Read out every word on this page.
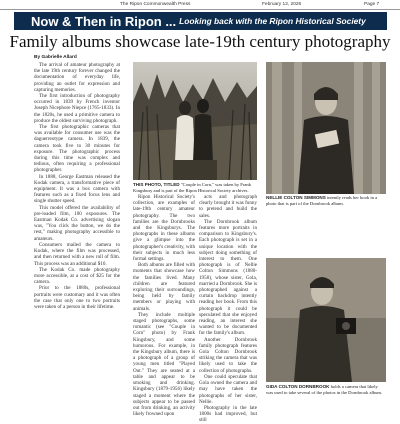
The Ripon Commonwealth Press	February 12, 2026	Page 7
Now & Then in Ripon ... Looking back with the Ripon Historical Society
Family albums showcase late-19th century photography
By Gabrielle Allard

The arrival of amateur photography at the late 19th century forever changed the documentation of everyday life, providing an outlet for expression and capturing memories.

The first introduction of photography occurred in 1839 by French inventor Joseph Nicephore Niepce (1765-1833). In the 1820s, he used a primitive camera to produce the oldest surviving photograph.

The first photographic cameras that was available for consumer use was the daguerreotype camera. In 1839, the camera took five to 30 minutes for exposure. The photographic process during this time was complex and tedious, often requiring a professional photographer.

In 1888, George Eastman released the Kodak camera, a transformative piece of equipment. It was a box camera with features such as a fixed focus lens and single shutter speed.

This model offered the availability of pre-loaded film, 100 exposures. The Eastman Kodak Co. advertising slogan was, "You click the button, we do the rest," making photography accessible to amateurs.

Consumers mailed the camera to Kodak, where the film was processed, and then returned with a new roll of film. This process was an additional $10.

The Kodak Co. made photography more accessible, at a cost of $25 for the camera.

Prior to the 1880s, professional portraits were customary and it was often the case that only one to two portraits were taken of a person in their lifetime.

THIS PHOTO, TITLED "Couple in Corn," was taken by Frank Kingsbury and is part of the Ripon Historical Society archives.

Ripon Historical Society's collection, are examples of late-19th century amateur photography. The two families are the Dornbrooks and the Kingsburys. The photographs in these albums give a glimpse into the photographer's creativity, with their subjects in much less formal settings.

Both albums are filled with moments that showcase how the families lived. Many children are featured exploring their surroundings, being held by family members or playing with animals.

They include multiple staged photographs, some romantic (see "Couple in Corn" photo) by Frank Kingsbury, and some humorous. For example, in the Kingsbury album, there is a photograph of a group of young men titled "Played Out." They are seated at a table and appear to be smoking and drinking. Kingsbury (1879-1956) likely staged a moment where the subjects appear to be passed out from drinking, an activity likely frowned upon

acts and photograph clearly brought it was funny to pretend and build the sales.

The Dornbrook album features more portraits in comparison to Kingsbury's. Each photograph is set in a unique location with the subject doing something of interest to them. One photograph is of Nellie Colton Simmons (1880-1958), whose sister, Gola, married a Dornbrook. She is photographed against a curtain backdrop intently reading her book. From this photograph it could be speculated that she enjoyed reading, an interest she wanted to be documented for the family's album.

Another Dornbrook family photograph features Gola Colton Dornbrook striking the camera that was likely used to take the collection of photographs.

One could speculate that Gola owned the camera and may have taken the photographs of her sister, Nellie.

Photography in the late 1800s had improved, but still

NELLIE COLTON SIMMONS intently reads her book in a photo that is part of the Dornbrook album.
GIDA COLTON DORNBROOK holds a camera that likely was used to take several of the photos in the Dornbrook album.
